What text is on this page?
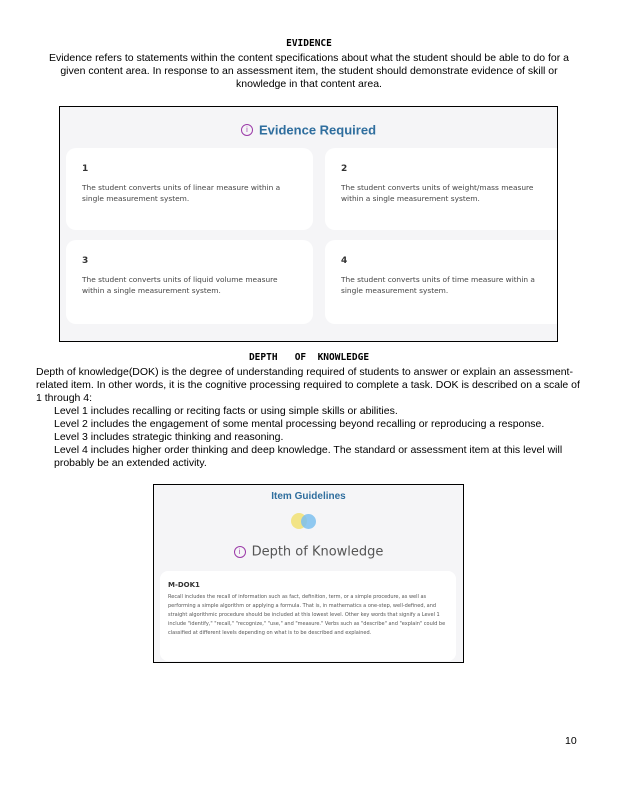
EVIDENCE
Evidence refers to statements within the content specifications about what the student should be able to do for a given content area. In response to an assessment item, the student should demonstrate evidence of skill or knowledge in that content area.
i Evidence Required
1
The student converts units of linear measure within a single measurement system.
2
The student converts units of weight/mass measure within a single measurement system.
3
The student converts units of liquid volume measure within a single measurement system.
4
The student converts units of time measure within a single measurement system.
DEPTH   OF  KNOWLEDGE
Depth of knowledge(DOK) is the degree of understanding required of students to answer or explain an assessment-related item. In other words, it is the cognitive processing required to complete a task. DOK is described on a scale of 1 through 4:
Level 1 includes recalling or reciting facts or using simple skills or abilities.
Level 2 includes the engagement of some mental processing beyond recalling or reproducing a response.
Level 3 includes strategic thinking and reasoning.
Level 4 includes higher order thinking and deep knowledge. The standard or assessment item at this level will probably be an extended activity.
Item Guidelines
i Depth of Knowledge
M-DOK1
Recall includes the recall of information such as fact, definition, term, or a simple procedure, as well as performing a simple algorithm or applying a formula. That is, in mathematics a one-step, well-defined, and straight algorithmic procedure should be included at this lowest level. Other key words that signify a Level 1 include "identify," "recall," "recognize," "use," and "measure." Verbs such as "describe" and "explain" could be classified at different levels depending on what is to be described and explained.
10
